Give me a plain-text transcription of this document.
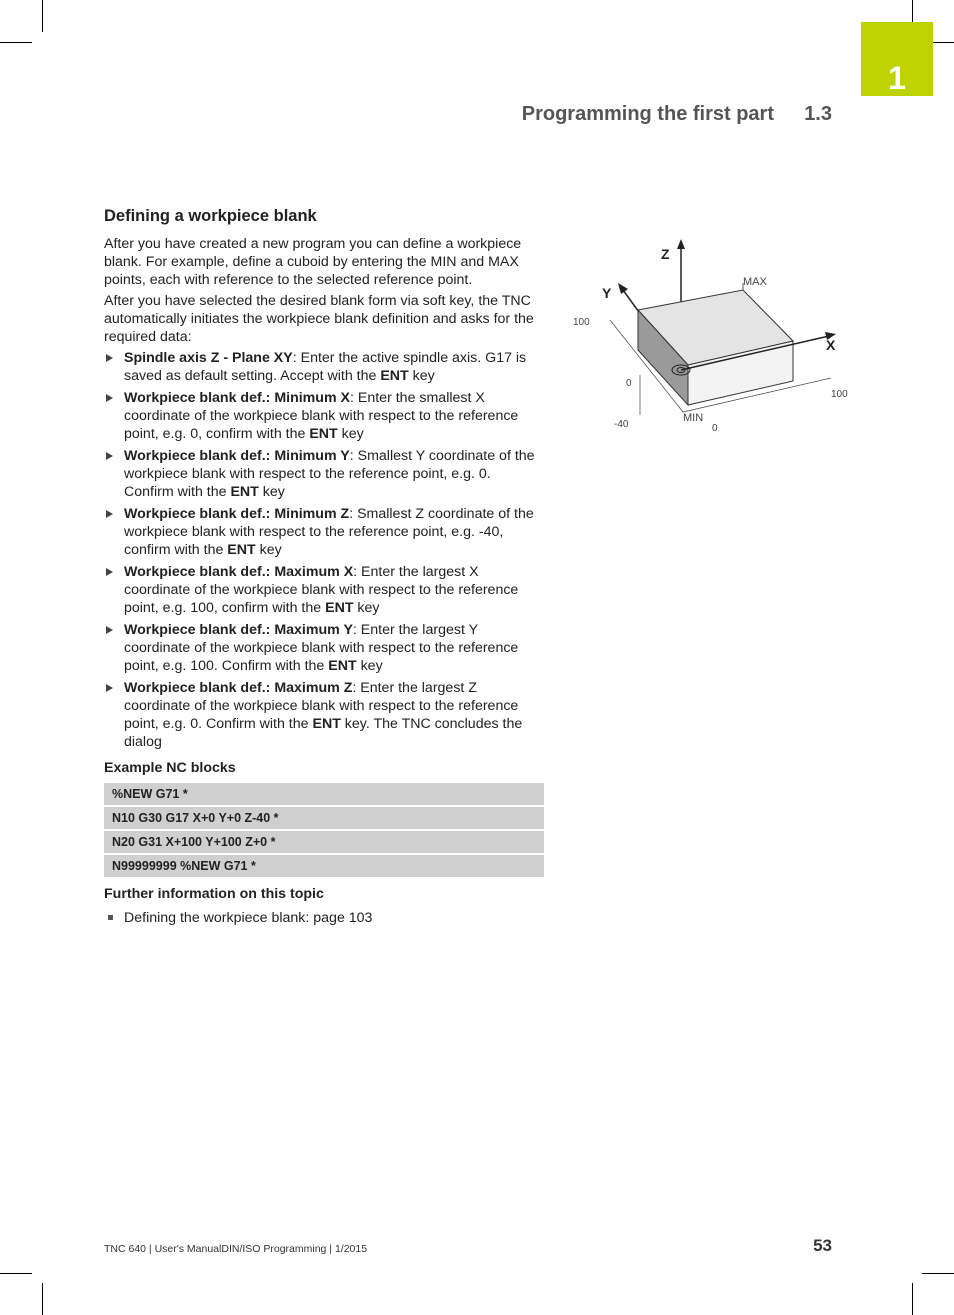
1
Programming the first part 1.3
Defining a workpiece blank

After you have created a new program you can define a workpiece blank. For example, define a cuboid by entering the MIN and MAX points, each with reference to the selected reference point.

After you have selected the desired blank form via soft key, the TNC automatically initiates the workpiece blank definition and asks for the required data:

Spindle axis Z - Plane XY: Enter the active spindle axis. G17 is saved as default setting. Accept with the ENT key
Workpiece blank def.: Minimum X: Enter the smallest X coordinate of the workpiece blank with respect to the reference point, e.g. 0, confirm with the ENT key
Workpiece blank def.: Minimum Y: Smallest Y coordinate of the workpiece blank with respect to the reference point, e.g. 0. Confirm with the ENT key
Workpiece blank def.: Minimum Z: Smallest Z coordinate of the workpiece blank with respect to the reference point, e.g. -40, confirm with the ENT key
Workpiece blank def.: Maximum X: Enter the largest X coordinate of the workpiece blank with respect to the reference point, e.g. 100, confirm with the ENT key
Workpiece blank def.: Maximum Y: Enter the largest Y coordinate of the workpiece blank with respect to the reference point, e.g. 100. Confirm with the ENT key
Workpiece blank def.: Maximum Z: Enter the largest Z coordinate of the workpiece blank with respect to the reference point, e.g. 0. Confirm with the ENT key. The TNC concludes the dialog
Example NC blocks
%NEW G71 *
N10 G30 G17 X+0 Y+0 Z-40 *
N20 G31 X+100 Y+100 Z+0 *
N99999999 %NEW G71 *
Further information on this topic
Defining the workpiece blank: page 103
Z
Y
X
MAX
MIN
100
0
-40	0
100
TNC 640 | User's ManualDIN/ISO Programming | 1/2015	53
